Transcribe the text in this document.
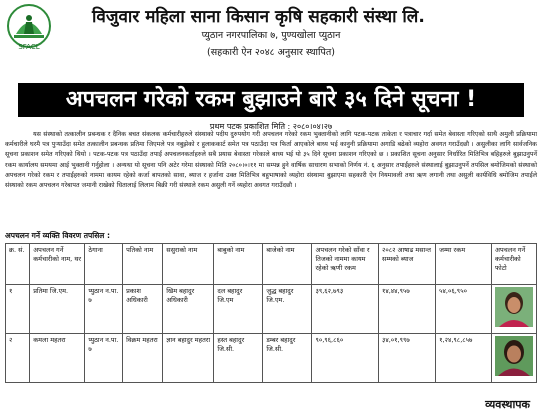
SFACL
विजुवार महिला साना किसान कृषि सहकारी संस्था लि.
प्युठान नगरपालिका ७, पुण्यखोला प्युठान
(सहकारी ऐन २०४८ अनुसार स्थापित)
अपचलन गरेको रकम बुझाउने बारे ३५ दिने सूचना !
प्रथम पटक प्रकाशित मिति : २०८०।०४।२७
यस संस्थाको तत्कालीन प्रबन्धक र दैनिक बचत संकलक कर्मचारीहरुले संस्थाको पदीय दुरुपयोग गरी अपचलन गरेको रकम भुक्तानीको लागि पटक-पटक ताकेता र पत्राचार गर्दा समेत बेवास्ता गरिएको साथै अमुली प्रक्रियामा कर्मचारीले घरमै पत्र पुऱ्याउँदा समेत तत्कालीन प्रबन्धक प्रतिमा जिएमले पत्र नबुझेको र हुलाककार्ट समेत पत्र पठाउँदा पत्र फिर्ता आएकोले बाध्य भई कानुनी प्रक्रियामा अगाडि बढेको व्यहोरा अवगत गराउँदछौ । असुलीका लागि सार्वजनिक सूचना प्रकाशन समेत गरिएको थियो । पटक-पटक पत्र पठाउँदा तपाईं अपचलनकर्ताहरुले सबै प्रयास बेवास्ता गरेकाले बाध्य भई यो ३५ दिने सूचना प्रकाशन गरिएको छ । प्रकाशित सूचना अनुसार निर्धारित मितिभित्र बहिहरुले बुझाउनुपर्ने रकम कार्यालय समयमा आई भुक्तानी गर्नुहोला । अन्यथा यो सूचना पनि अटेर गरेमा संस्थाको मिति २०८०।०।११ मा सम्पन्न हुने वार्षिक साधारण सभाको निर्णय नं. ६ अनुसार तपाईंहरुले संस्थालाई बुझाउनुपर्ने तपसिल बमोजिमको संस्थाको अपचलन गरेको रकम र तपाईंहरुको नाममा कायम रहेको कर्जा बापतको सावा, ब्याज र हर्जाना उक्त मितिभित्र बहुभाषाको व्यहोरा संस्थामा बुझाएमा सहकारी ऐन नियमावली तथा ऋण लगानी तथा असुली कार्यविधि बमोजिम तपाईंले संस्थाको रकम अपचलन गरेबापत जमानी राखेको धितालाई लिलाम बिक्री गरी संस्थाले रकम असुली गर्ने व्यहोरा अवगत गराउँदछौ ।
अपचलन गर्ने व्यक्ति विवरण तपसिल :
क्र. सं.	अपचलन गर्ने कर्मचारीको नाम, थर	ठेगाना	पतिको नाम	ससुराको नाम	बाबुको नाम	बाजेको नाम	अपचलन गरेको साँवा र तिजको नाममा कायम रहेको ऋणी रकम	२०८२ आषाढ मसान्त सम्मको ब्याज	जम्मा रकम	अपचलन गर्ने कर्मचारीको फोटो
१	प्रतिमा जि.एम.	प्युठान न.पा. ७	प्रकाश अधिकारी	खिम बहादुर अधिकारी	दल बहादुर जि.एम	जुद्ध बहादुर जि.एम.	३९,६२,७९३	१४,४४,९५७	५४,०६,९५०	
२	कमला महतरा	प्युठान न.पा. ७	विक्रम महतरा	ज्ञान बहादुर महतरा	हस्त बहादुर जि.सी.	डम्बर बहादुर जि.सी.	९०,९६,८६०	३४,०१,९९७	१,२४,९८,८५७	
व्यवस्थापक
